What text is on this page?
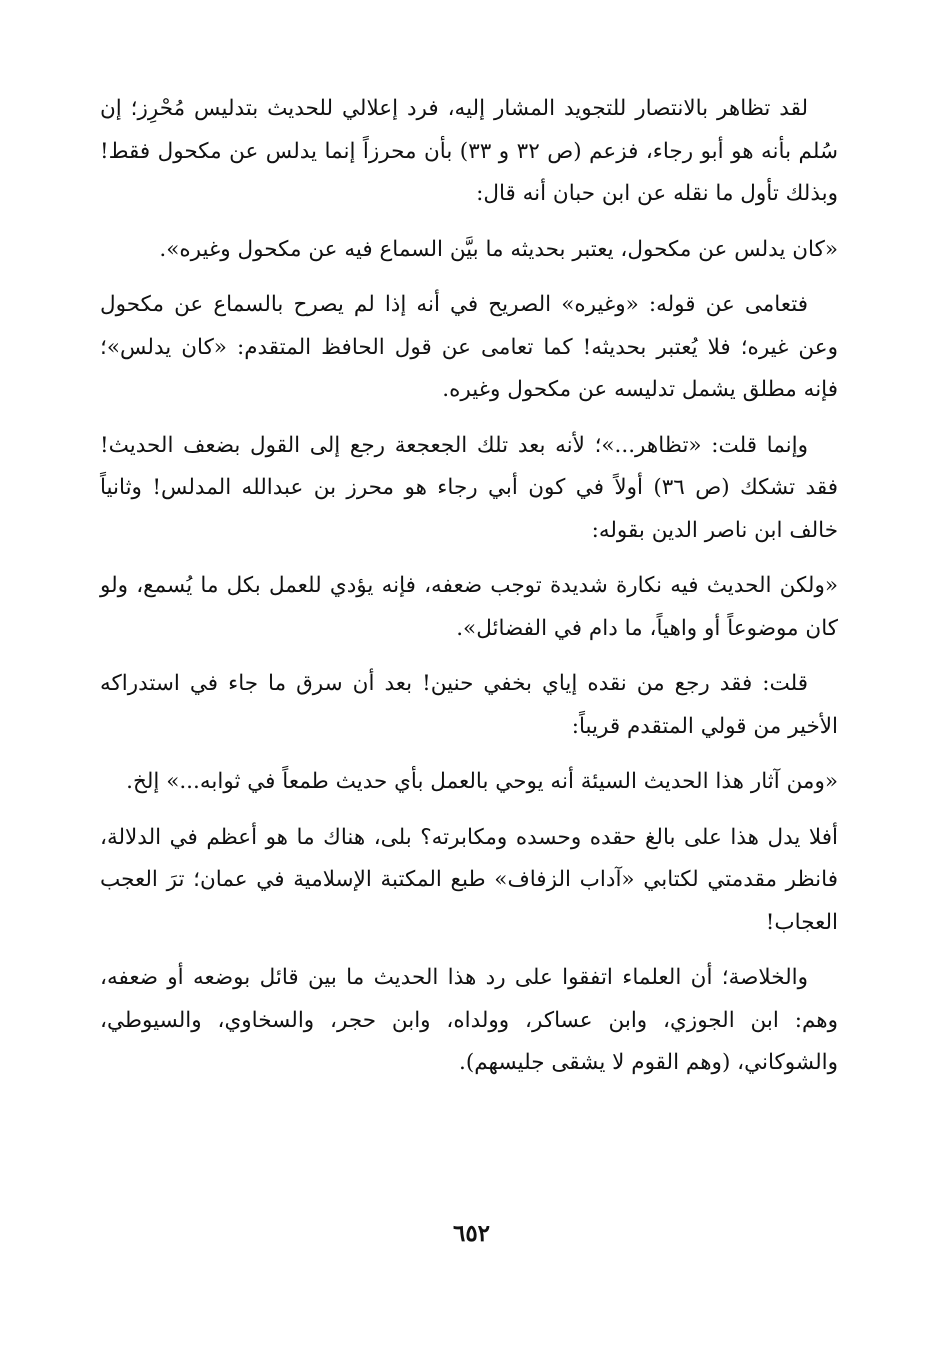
لقد تظاهر بالانتصار للتجويد المشار إليه، فرد إعلالي للحديث بتدليس مُحْرِز؛ إن سُلم بأنه هو أبو رجاء، فزعم (ص ٣٢ و ٣٣) بأن محرزاً إنما يدلس عن مكحول فقط! وبذلك تأول ما نقله عن ابن حبان أنه قال:

«كان يدلس عن مكحول، يعتبر بحديثه ما بيَّن السماع فيه عن مكحول وغيره».

فتعامى عن قوله: «وغيره» الصريح في أنه إذا لم يصرح بالسماع عن مكحول وعن غيره؛ فلا يُعتبر بحديثه! كما تعامى عن قول الحافظ المتقدم: «كان يدلس»؛ فإنه مطلق يشمل تدليسه عن مكحول وغيره.

وإنما قلت: «تظاهر...»؛ لأنه بعد تلك الجعجعة رجع إلى القول بضعف الحديث! فقد تشكك (ص ٣٦) أولاً في كون أبي رجاء هو محرز بن عبدالله المدلس! وثانياً خالف ابن ناصر الدين بقوله:

«ولكن الحديث فيه نكارة شديدة توجب ضعفه، فإنه يؤدي للعمل بكل ما يُسمع، ولو كان موضوعاً أو واهياً، ما دام في الفضائل».

قلت: فقد رجع من نقده إياي بخفي حنين! بعد أن سرق ما جاء في استدراكه الأخير من قولي المتقدم قريباً:

«ومن آثار هذا الحديث السيئة أنه يوحي بالعمل بأي حديث طمعاً في ثوابه...» إلخ.

أفلا يدل هذا على بالغ حقده وحسده ومكابرته؟ بلى، هناك ما هو أعظم في الدلالة، فانظر مقدمتي لكتابي «آداب الزفاف» طبع المكتبة الإسلامية في عمان؛ ترَ العجب العجاب!

والخلاصة؛ أن العلماء اتفقوا على رد هذا الحديث ما بين قائل بوضعه أو ضعفه، وهم: ابن الجوزي، وابن عساكر، وولداه، وابن حجر، والسخاوي، والسيوطي، والشوكاني، (وهم القوم لا يشقى جليسهم).

٦٥٢
